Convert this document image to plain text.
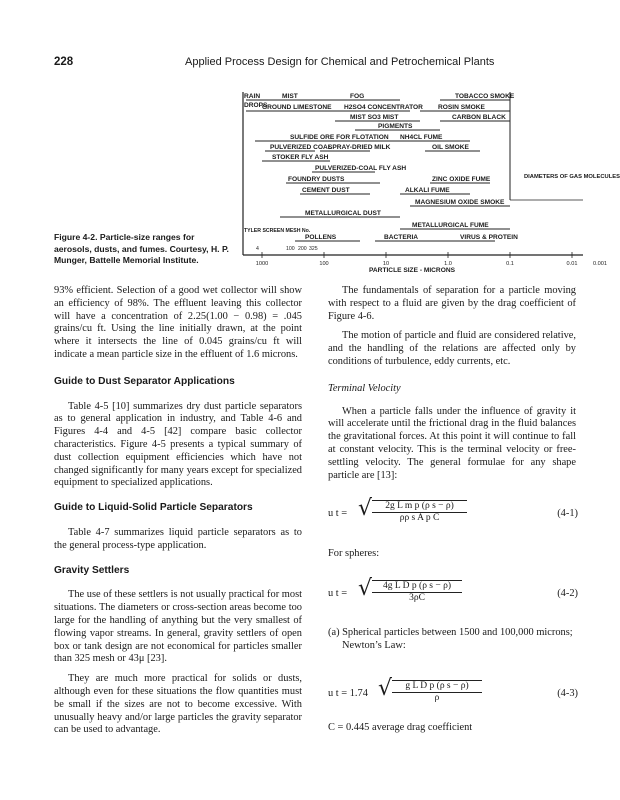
228	Applied Process Design for Chemical and Petrochemical Plants
1000	100	10	1.0	0.1	0.01	0.001
PARTICLE SIZE - MICRONS
RAIN
DROPS
MIST	FOG	TOBACCO SMOKE
GROUND LIMESTONE H2SO4 CONCENTRATOR ROSIN SMOKE
MIST SO3 MIST	CARBON BLACK
PIGMENTS
SULFIDE ORE FOR FLOTATION NH4CL FUME
PULVERIZED COAL
SPRAY-DRIED MILK	OIL SMOKE
STOKER FLY ASH
PULVERIZED-COAL FLY ASH
FOUNDRY DUSTS	ZINC OXIDE FUME
CEMENT DUST	ALKALI FUME
MAGNESIUM OXIDE SMOKE
METALLURGICAL DUST
METALLURGICAL FUME
POLLENS	BACTERIA	VIRUS & PROTEIN
DIAMETERS OF GAS MOLECULES
TYLER SCREEN MESH No.
4	100 200 325
Figure 4-2. Particle-size ranges for aerosols, dusts, and fumes. Courtesy, H. P. Munger, Battelle Memorial Institute.

93% efficient. Selection of a good wet collector will show an efficiency of 98%. The effluent leaving this collector will have a concentration of 2.25(1.00 − 0.98) = .045 grains/cu ft. Using the line initially drawn, at the point where it intersects the line of 0.045 grains/cu ft will indicate a mean particle size in the effluent of 1.6 microns.

Guide to Dust Separator Applications

Table 4-5 [10] summarizes dry dust particle separators as to general application in industry, and Table 4-6 and Figures 4-4 and 4-5 [42] compare basic collector characteristics. Figure 4-5 presents a typical summary of dust collection equipment efficiencies which have not changed significantly for many years except for specialized equipment to specialized applications.

Guide to Liquid-Solid Particle Separators

Table 4-7 summarizes liquid particle separators as to the general process-type application.

Gravity Settlers

The use of these settlers is not usually practical for most situations. The diameters or cross-section areas become too large for the handling of anything but the very smallest of flowing vapor streams. In general, gravity settlers of open box or tank design are not economical for particles smaller than 325 mesh or 43μ [23].

They are much more practical for solids or dusts, although even for these situations the flow quantities must be small if the sizes are not to become excessive. With unusually heavy and/or large particles the gravity separator can be used to advantage.

The fundamentals of separation for a particle moving with respect to a fluid are given by the drag coefficient of Figure 4-6.

The motion of particle and fluid are considered relative, and the handling of the relations are affected only by conditions of turbulence, eddy currents, etc.

Terminal Velocity

When a particle falls under the influence of gravity it will accelerate until the frictional drag in the fluid balances the gravitational forces. At this point it will continue to fall at constant velocity. This is the terminal velocity or free-settling velocity. The general formulae for any shape particle are [13]:

u t = √	2g L m p (ρ s − ρ)
ρρ s A p C	(4-1)
For spheres:
u t = √	4g L D p (ρ s − ρ)
3ρC	(4-2)
(a) Spherical particles between 1500 and 100,000 microns; Newton’s Law:
u t = 1.74 √	g L D p (ρ s − ρ)
ρ	(4-3)
C = 0.445 average drag coefficient
